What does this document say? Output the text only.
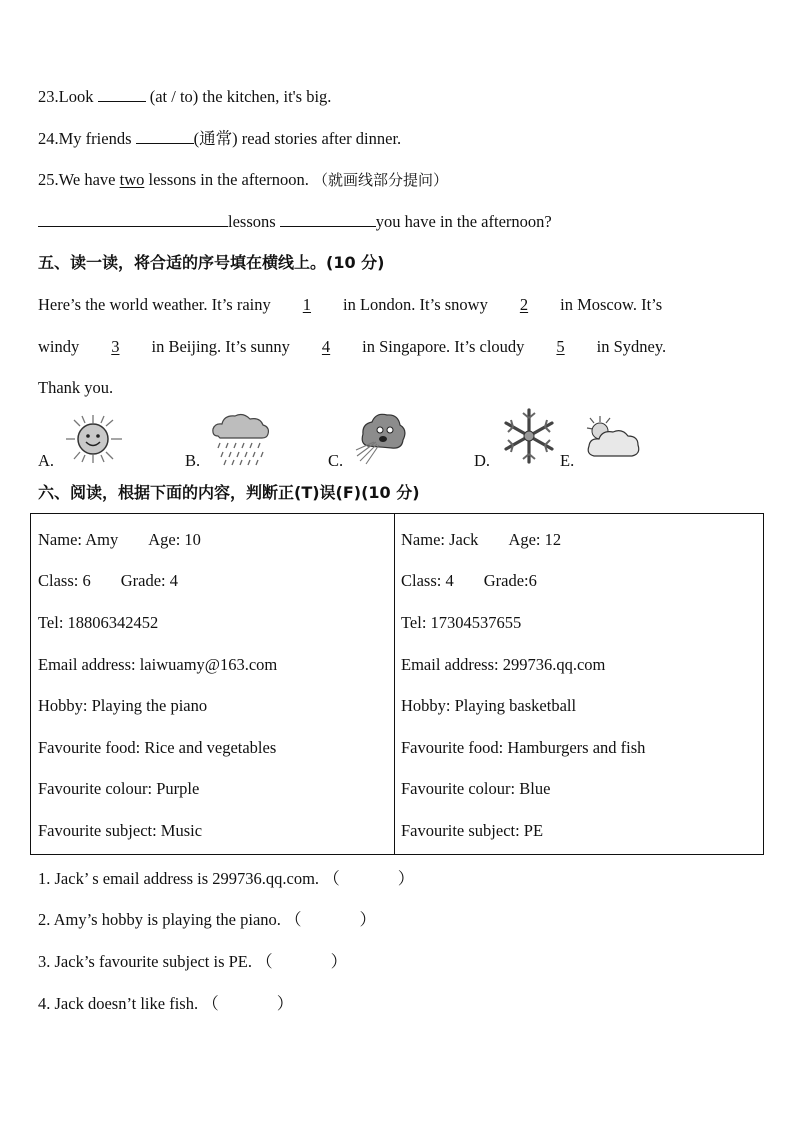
23.Look	(at / to) the kitchen, it's big.
24.My friends	(通常) read stories after dinner.
25.We have two lessons in the afternoon. （就画线部分提问）
lessons	you have in the afternoon?
五、读一读，将合适的序号填在横线上。(10 分)
Here’s the world weather. It’s rainy 1 in London. It’s snowy 2 in Moscow. It’s
windy 3 in Beijing. It’s sunny 4 in Singapore. It’s cloudy 5 in Sydney.
Thank you.
A.	B.	C.	D.	E.
六、阅读，根据下面的内容，判断正(T)误(F)(10 分)
Name: Amy Age: 10
Class: 6 Grade: 4
Tel: 18806342452
Email address: laiwuamy@163.com
Hobby: Playing the piano
Favourite food: Rice and vegetables
Favourite colour: Purple
Favourite subject: Music
Name: Jack Age: 12
Class: 4 Grade:6
Tel: 17304537655
Email address: 299736.qq.com
Hobby: Playing basketball
Favourite food: Hamburgers and fish
Favourite colour: Blue
Favourite subject: PE
1. Jack’ s email address is 299736.qq.com. （	）
2. Amy’s hobby is playing the piano. （	）
3. Jack’s favourite subject is PE. （	）
4. Jack doesn’t like fish. （	）
